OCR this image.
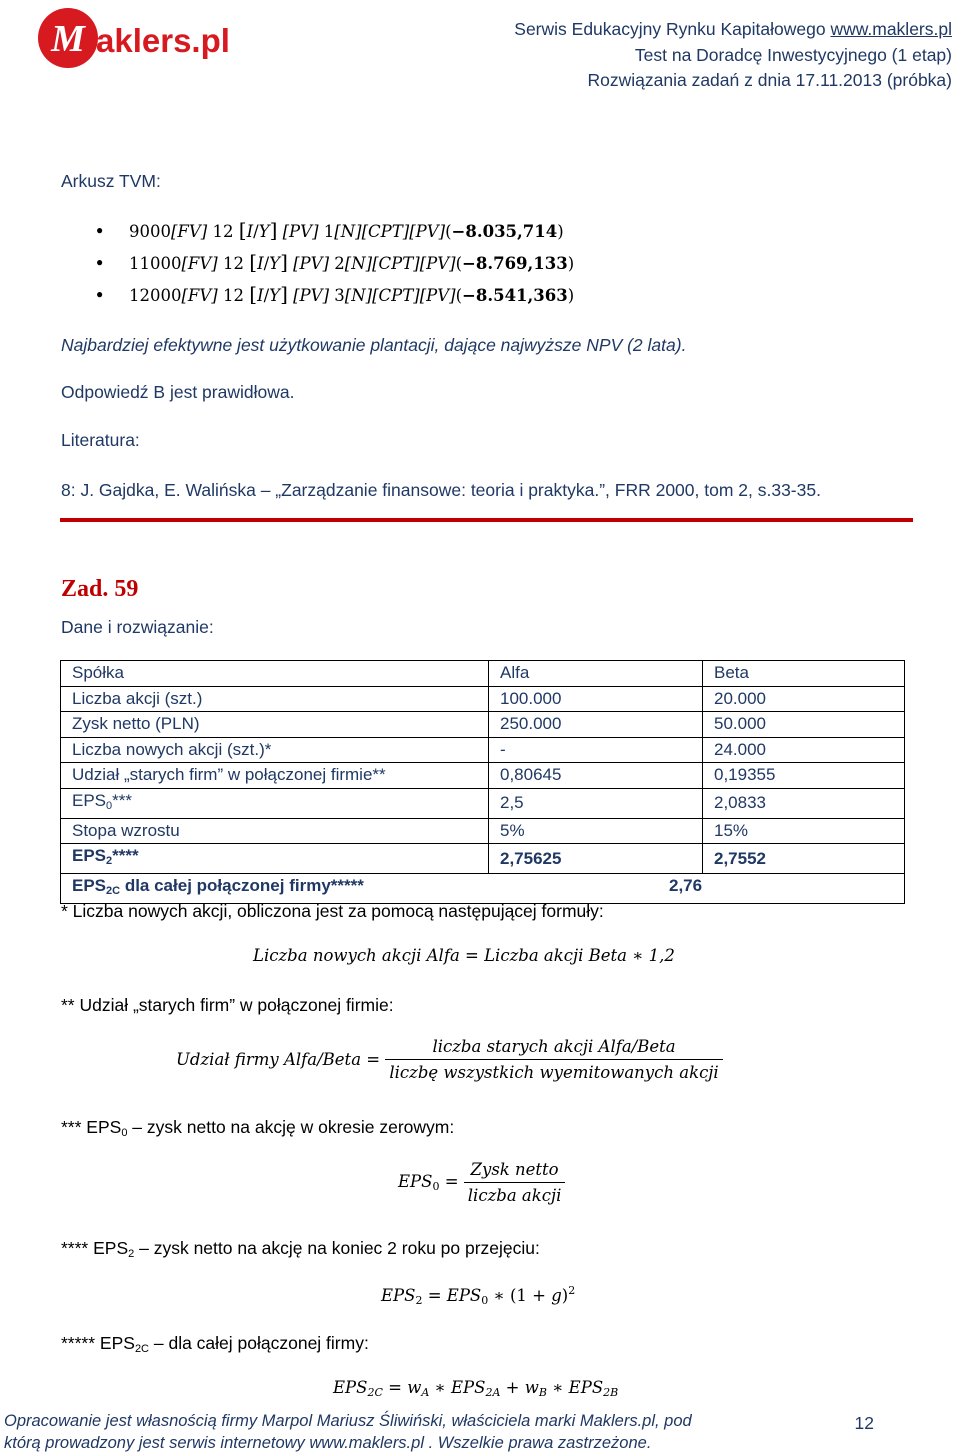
M aklers.pl	Serwis Edukacyjny Rynku Kapitałowego www.maklers.pl
Test na Doradcę Inwestycyjnego (1 etap)
Rozwiązania zadań z dnia 17.11.2013 (próbka)
Arkusz TVM:
● 9000[FV] 12 [I/Y] [PV] 1[N][CPT][PV](−8.035,714)
● 11000[FV] 12 [I/Y] [PV] 2[N][CPT][PV](−8.769,133)
● 12000[FV] 12 [I/Y] [PV] 3[N][CPT][PV](−8.541,363)
Najbardziej efektywne jest użytkowanie plantacji, dające najwyższe NPV (2 lata).
Odpowiedź B jest prawidłowa.
Literatura:
8: J. Gajdka, E. Walińska – „Zarządzanie finansowe: teoria i praktyka.”, FRR 2000, tom 2, s.33-35.
Zad. 59
Dane i rozwiązanie:
Spółka	Alfa	Beta
Liczba akcji (szt.)	100.000	20.000
Zysk netto (PLN)	250.000	50.000
Liczba nowych akcji (szt.)*	-	24.000
Udział „starych firm” w połączonej firmie**	0,80645	0,19355
$EPS_0***$	2,5	2,0833
Stopa wzrostu	5%	15%
$EPS_2****$	2,75625	2,7552
$EPS_{2C}$ dla całej połączonej firmy***** 2,76		
* Liczba nowych akcji, obliczona jest za pomocą następującej formuły:
Liczba nowych akcji Alfa = Liczba akcji Beta ∗ 1,2
** Udział „starych firm” w połączonej firmie:
Udział firmy Alfa/Beta = $\frac{\text{liczba starych akcji Alfa/Beta}}{\text{liczbę wszystkich wyemitowanych akcji}}$
*** $EPS_0$ – zysk netto na akcję w okresie zerowym:
$EPS_0 = \frac{\text{Zysk netto}}{\text{liczba akcji}}$
**** $EPS_2$ – zysk netto na akcję na koniec 2 roku po przejęciu:
$EPS_2 = EPS_0$ ∗ $(1 + g)^2$
***** $EPS_{2C}$ – dla całej połączonej firmy:
$EPS_{2C} = w_A$ ∗ $EPS_{2A} + w_B$ ∗ $EPS_{2B}$
Opracowanie jest własnością firmy Marpol Mariusz Śliwiński, właściciela marki Maklers.pl, pod
którą prowadzony jest serwis internetowy www.maklers.pl . Wszelkie prawa zastrzeżone.
12
